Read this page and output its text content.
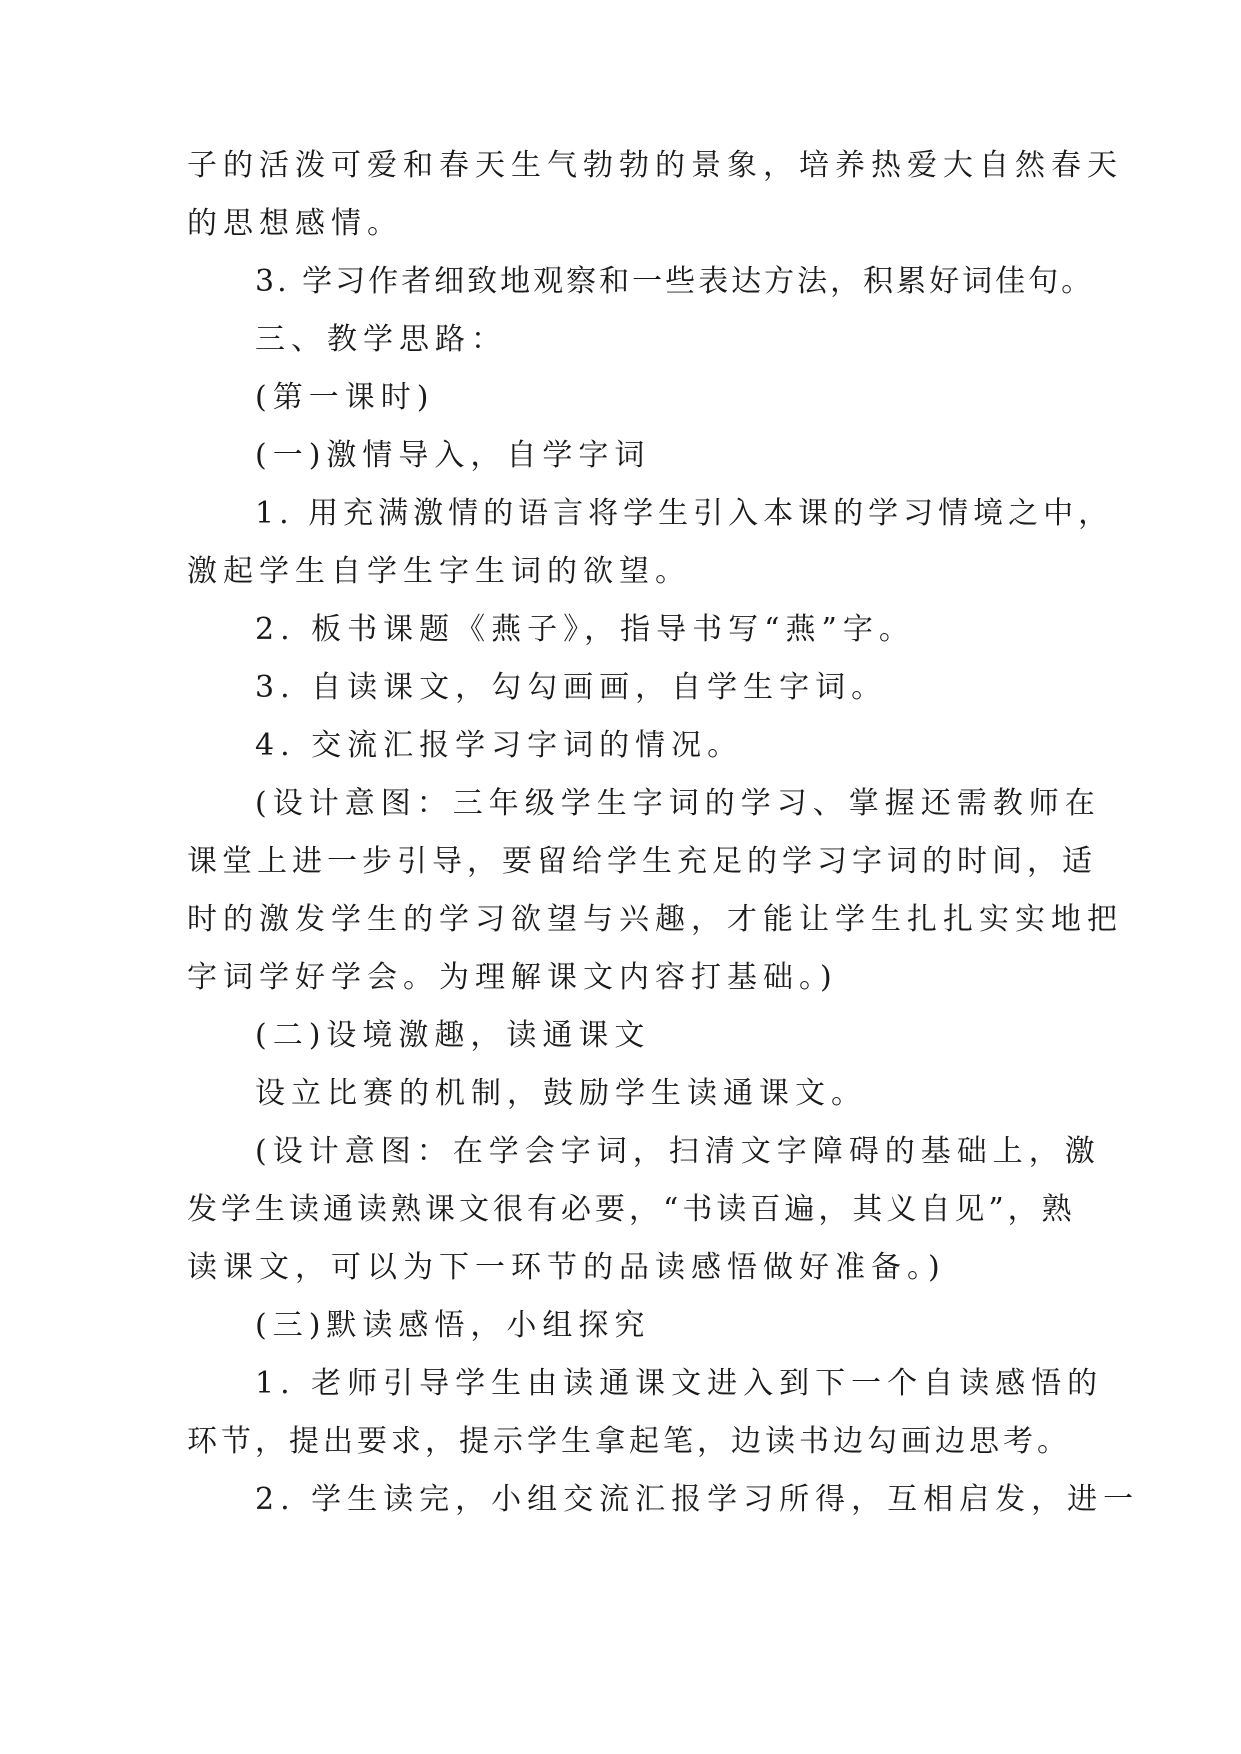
子的活泼可爱和春天生气勃勃的景象，培养热爱大自然春天
的思想感情。
3. 学习作者细致地观察和一些表达方法，积累好词佳句。
三、教学思路：
(第一课时)
(一)激情导入，自学字词
1. 用充满激情的语言将学生引入本课的学习情境之中，
激起学生自学生字生词的欲望。
2. 板书课题《燕子》，指导书写“燕”字。
3. 自读课文，勾勾画画，自学生字词。
4. 交流汇报学习字词的情况。
(设计意图：三年级学生字词的学习、掌握还需教师在
课堂上进一步引导，要留给学生充足的学习字词的时间，适
时的激发学生的学习欲望与兴趣，才能让学生扎扎实实地把
字词学好学会。为理解课文内容打基础。)
(二)设境激趣，读通课文
设立比赛的机制，鼓励学生读通课文。
(设计意图：在学会字词，扫清文字障碍的基础上，激
发学生读通读熟课文很有必要，“书读百遍，其义自见”，熟
读课文，可以为下一环节的品读感悟做好准备。)
(三)默读感悟，小组探究
1. 老师引导学生由读通课文进入到下一个自读感悟的
环节，提出要求，提示学生拿起笔，边读书边勾画边思考。
2. 学生读完，小组交流汇报学习所得，互相启发，进一
